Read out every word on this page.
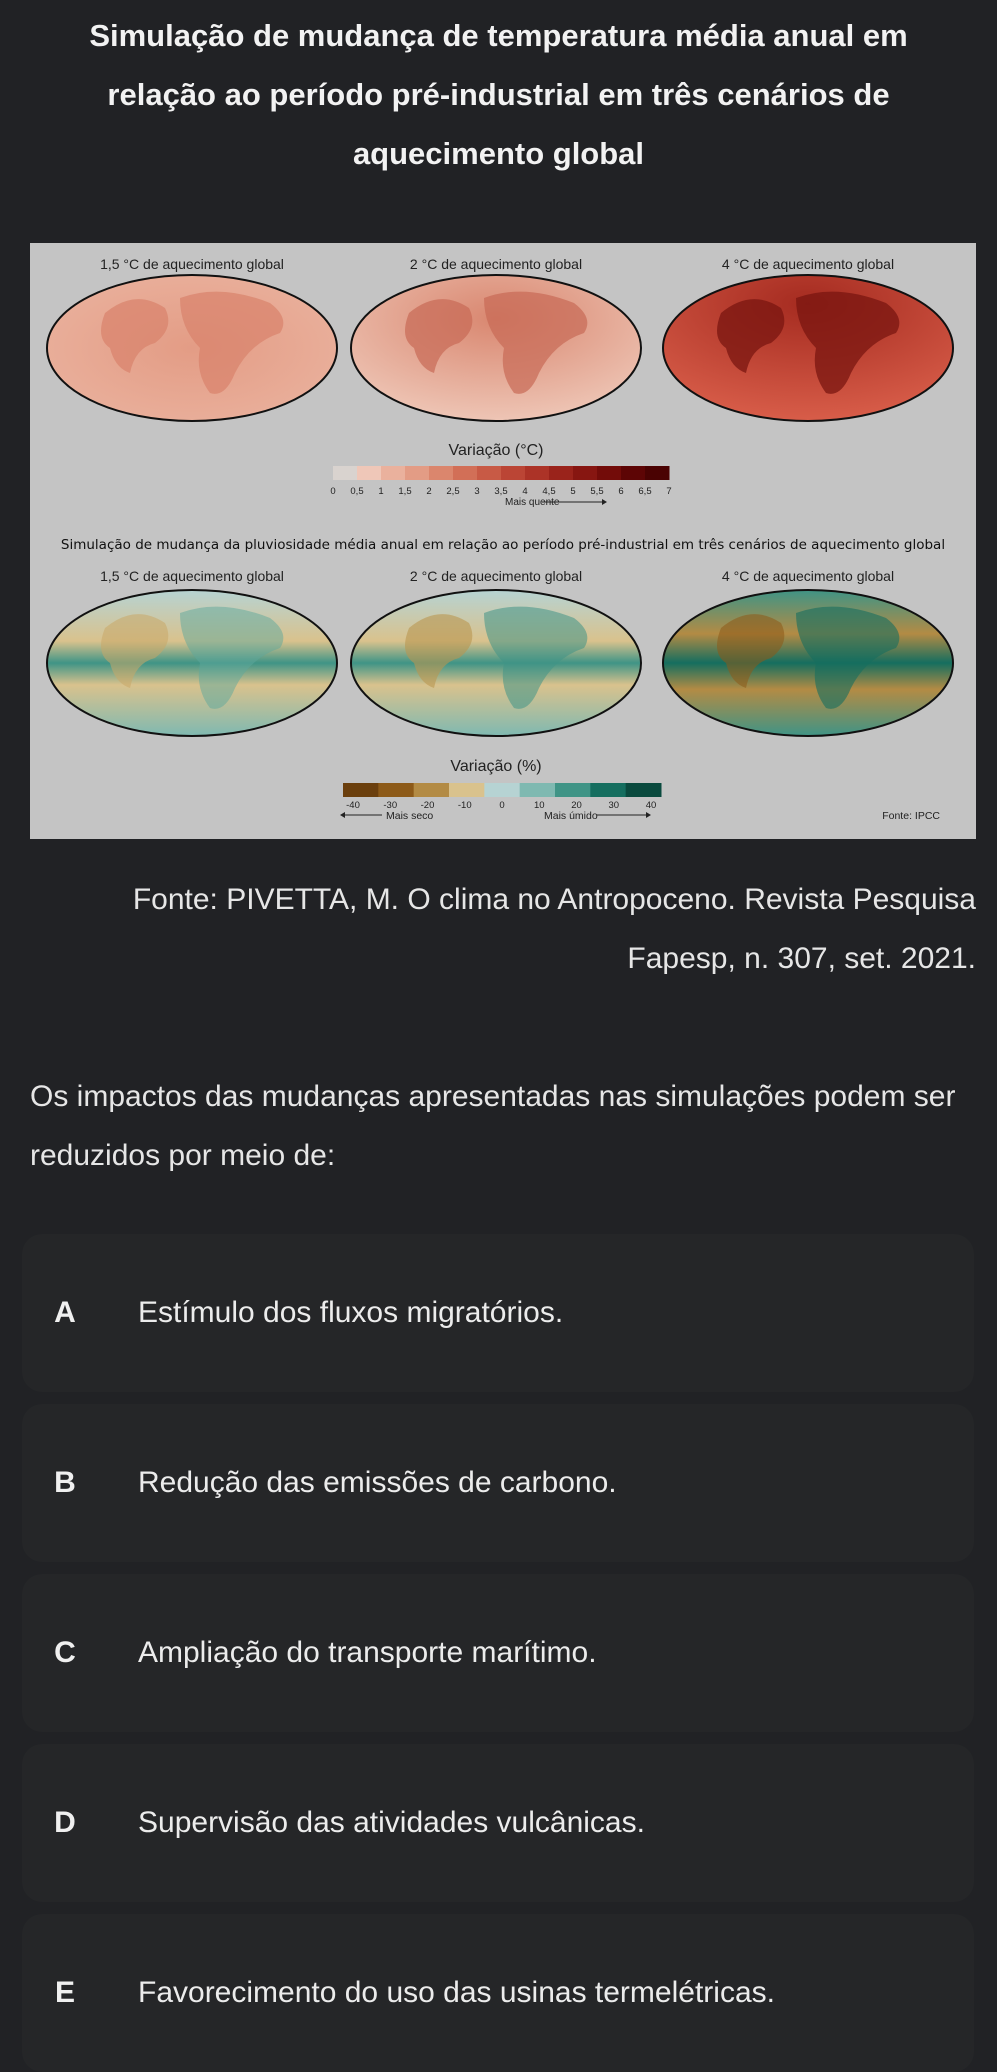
Simulação de mudança de temperatura média anual em relação ao período pré-industrial em três cenários de aquecimento global
1,5 °C de aquecimento global	2 °C de aquecimento global	4 °C de aquecimento global
Variação (°C)
0 0,5 1 1,5 2 2,5 3 3,5 4 4,5 5 5,5 6 6,5 7
Mais quente
Simulação de mudança da pluviosidade média anual em relação ao período pré-industrial em três cenários de aquecimento global
1,5 °C de aquecimento global	2 °C de aquecimento global	4 °C de aquecimento global
Variação (%)
-40 -30 -20 -10	0	10	20	30	40
Mais seco	Mais úmido	Fonte: IPCC
Fonte: PIVETTA, M. O clima no Antropoceno. Revista Pesquisa Fapesp, n. 307, set. 2021.
Os impactos das mudanças apresentadas nas simulações podem ser reduzidos por meio de:
A	Estímulo dos fluxos migratórios.
B	Redução das emissões de carbono.
C	Ampliação do transporte marítimo.
D	Supervisão das atividades vulcânicas.
E	Favorecimento do uso das usinas termelétricas.
